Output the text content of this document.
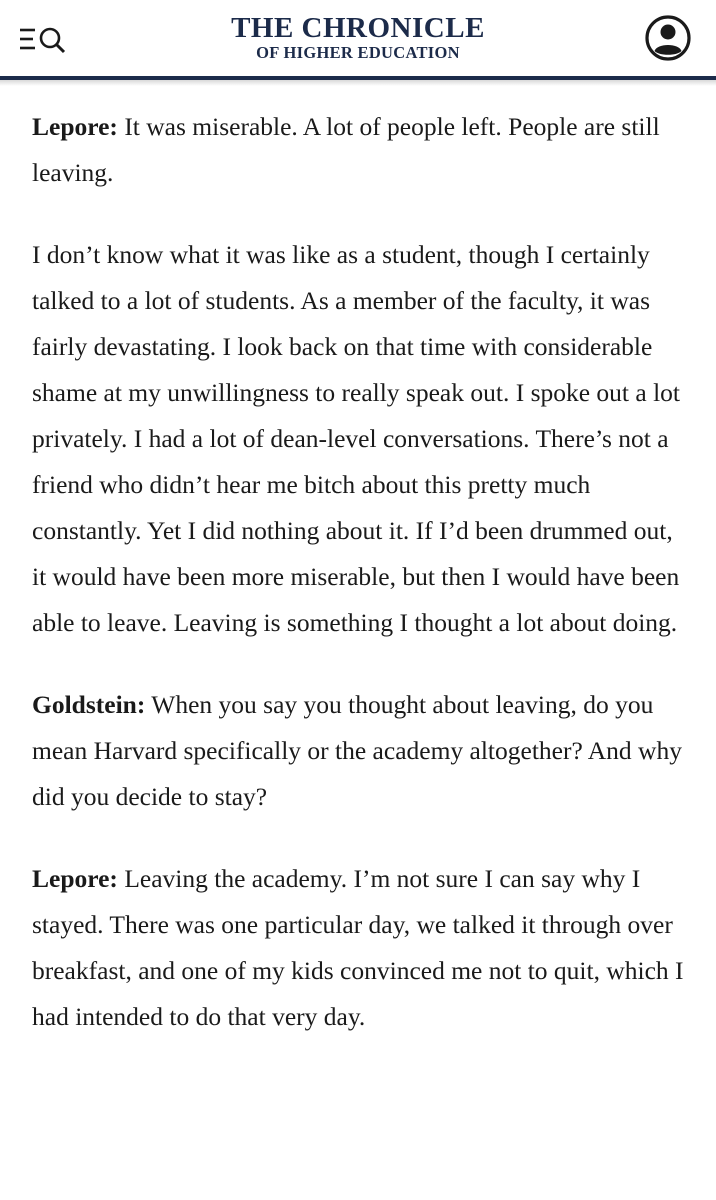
THE CHRONICLE
OF HIGHER EDUCATION

Lepore: It was miserable. A lot of people left. People are still leaving.

I don’t know what it was like as a student, though I certainly talked to a lot of students. As a member of the faculty, it was fairly devastating. I look back on that time with considerable shame at my unwillingness to really speak out. I spoke out a lot privately. I had a lot of dean-level conversations. There’s not a friend who didn’t hear me bitch about this pretty much constantly. Yet I did nothing about it. If I’d been drummed out, it would have been more miserable, but then I would have been able to leave. Leaving is something I thought a lot about doing.

Goldstein: When you say you thought about leaving, do you mean Harvard specifically or the academy altogether? And why did you decide to stay?

Lepore: Leaving the academy. I’m not sure I can say why I stayed. There was one particular day, we talked it through over breakfast, and one of my kids convinced me not to quit, which I had intended to do that very day.
